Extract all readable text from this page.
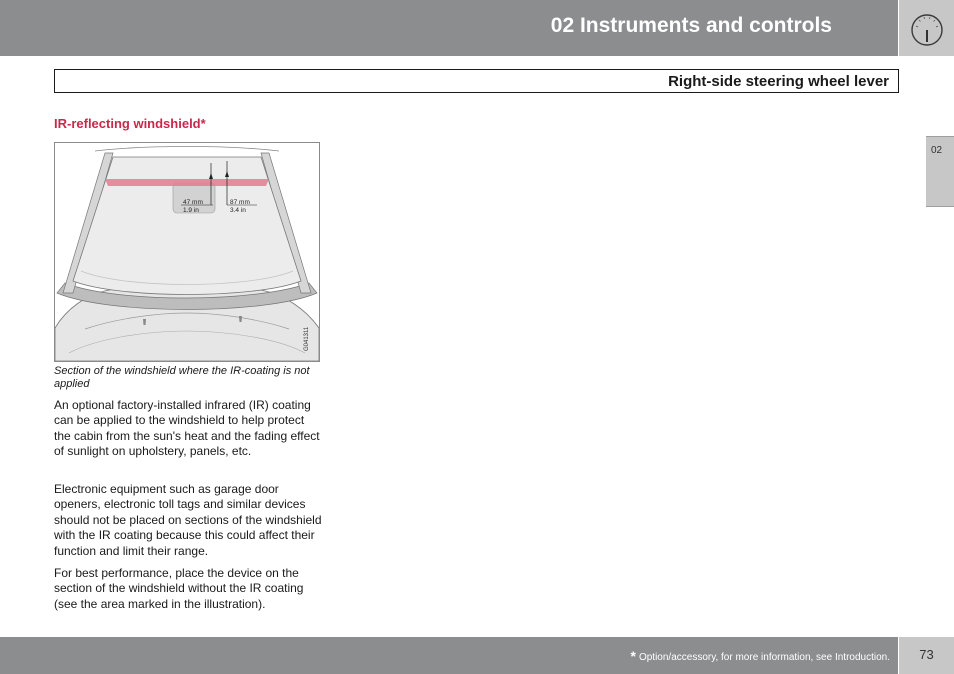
02 Instruments and controls
Right-side steering wheel lever
02
IR-reflecting windshield*
47 mm
1.9 in
87 mm
3.4 in
G041311
Section of the windshield where the IR-coating is not applied

An optional factory-installed infrared (IR) coating can be applied to the windshield to help protect the cabin from the sun's heat and the fading effect of sunlight on upholstery, panels, etc.

Electronic equipment such as garage door openers, electronic toll tags and similar devices should not be placed on sections of the windshield with the IR coating because this could affect their function and limit their range.

For best performance, place the device on the section of the windshield without the IR coating (see the area marked in the illustration).

* Option/accessory, for more information, see Introduction.	73
